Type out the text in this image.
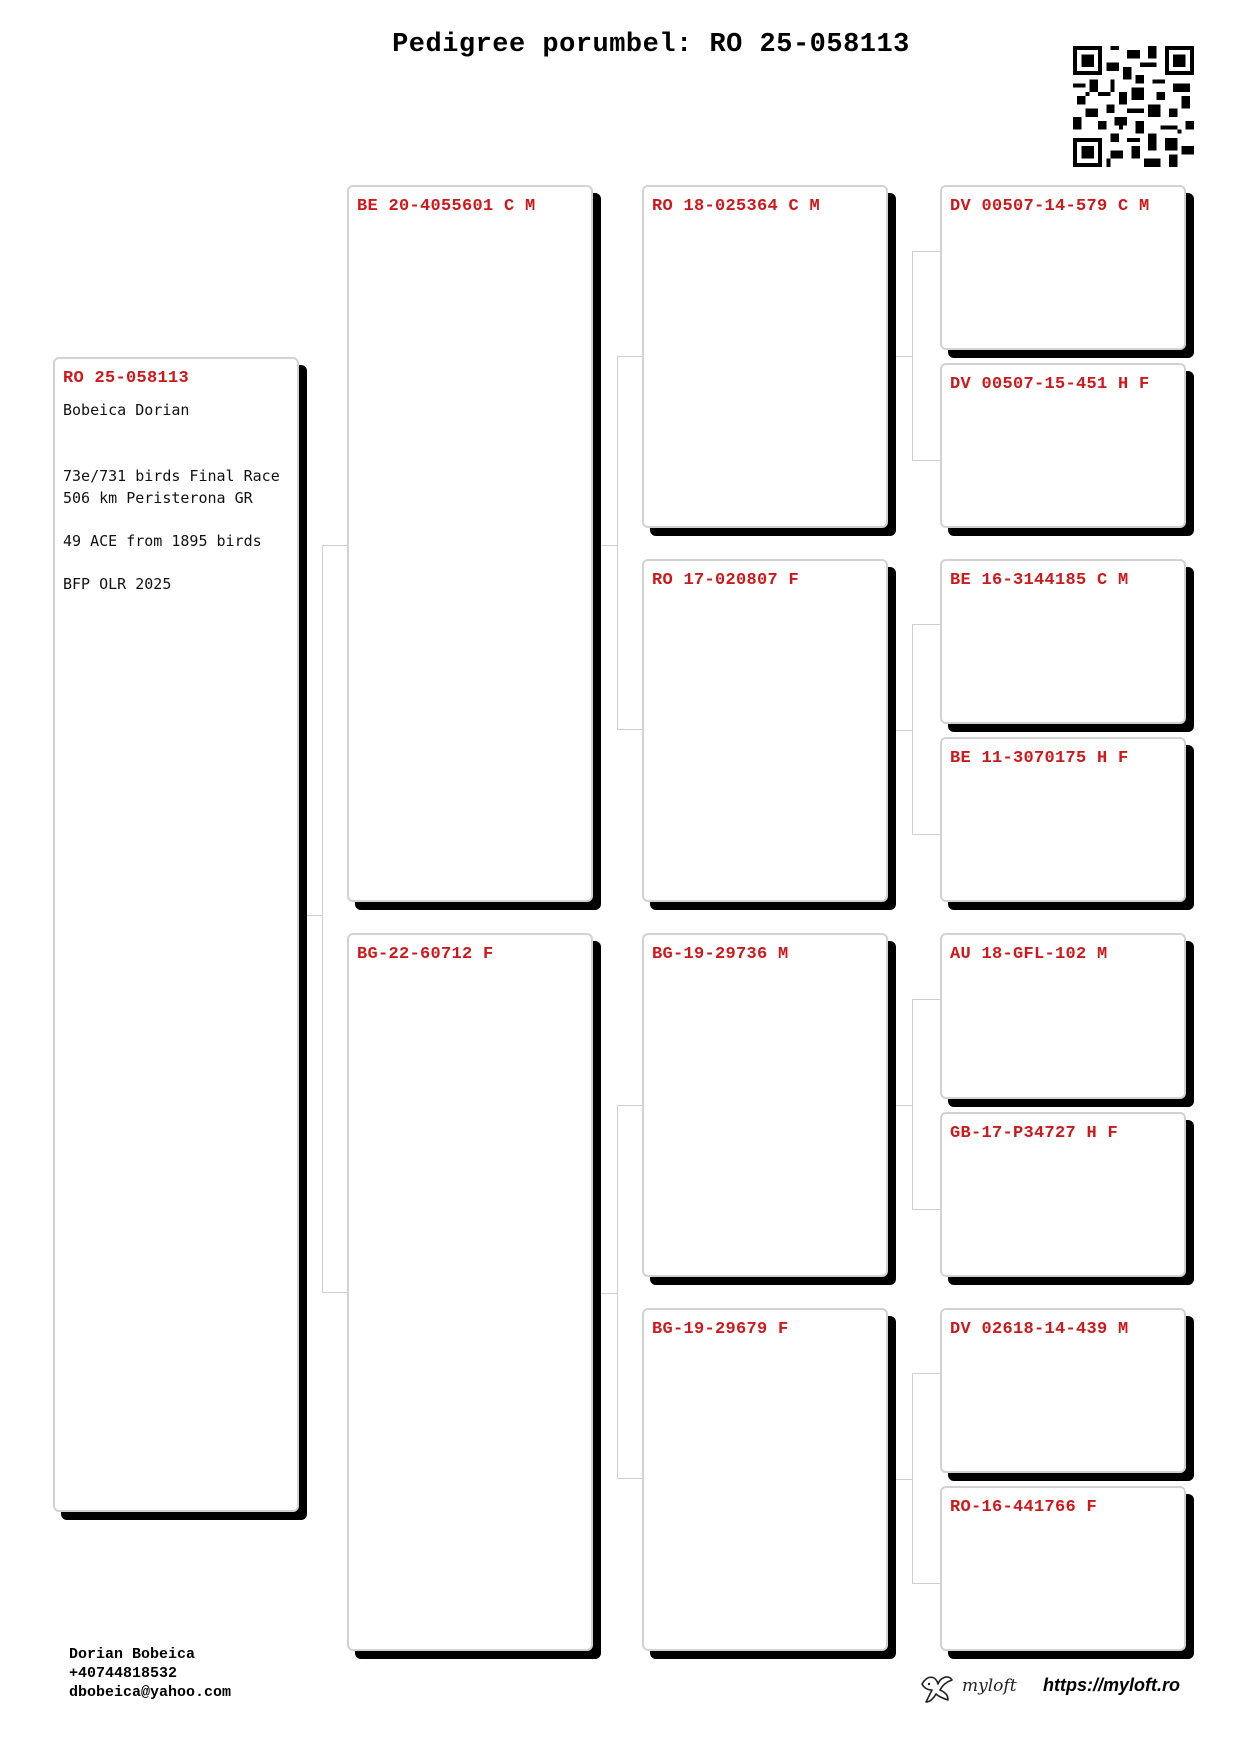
Pedigree porumbel: RO 25-058113
RO 25-058113
Bobeica Dorian
73e/731 birds Final Race
506 km Peristerona GR
49 ACE from 1895 birds
BFP OLR 2025
BE 20-4055601 C M
BG-22-60712 F
RO 18-025364 C M
RO 17-020807 F
BG-19-29736 M
BG-19-29679 F
DV 00507-14-579 C M
DV 00507-15-451 H F
BE 16-3144185 C M
BE 11-3070175 H F
AU 18-GFL-102 M
GB-17-P34727 H F
DV 02618-14-439 M
RO-16-441766 F
Dorian Bobeica
+40744818532
dbobeica@yahoo.com	myloft https://myloft.ro
